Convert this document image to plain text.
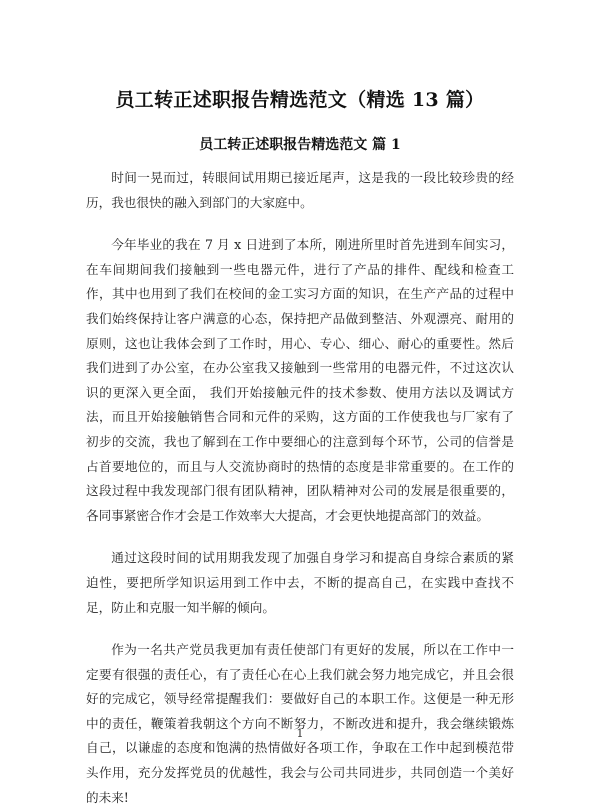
员工转正述职报告精选范文（精选 13 篇）
员工转正述职报告精选范文 篇 1

时间一晃而过，转眼间试用期已接近尾声，这是我的一段比较珍贵的经历，我也很快的融入到部门的大家庭中。

今年毕业的我在 7 月 x 日进到了本所，刚进所里时首先进到车间实习，在车间期间我们接触到一些电器元件，进行了产品的排件、配线和检查工作，其中也用到了我们在校间的金工实习方面的知识，在生产产品的过程中我们始终保持让客户满意的心态，保持把产品做到整洁、外观漂亮、耐用的原则，这也让我体会到了工作时，用心、专心、细心、耐心的重要性。然后我们进到了办公室，在办公室我又接触到一些常用的电器元件，不过这次认识的更深入更全面， 我们开始接触元件的技术参数、使用方法以及调试方法，而且开始接触销售合同和元件的采购，这方面的工作使我也与厂家有了初步的交流，我也了解到在工作中要细心的注意到每个环节，公司的信誉是占首要地位的，而且与人交流协商时的热情的态度是非常重要的。在工作的这段过程中我发现部门很有团队精神，团队精神对公司的发展是很重要的，各同事紧密合作才会是工作效率大大提高，才会更快地提高部门的效益。

通过这段时间的试用期我发现了加强自身学习和提高自身综合素质的紧迫性，要把所学知识运用到工作中去，不断的提高自己，在实践中查找不足，防止和克服一知半解的倾向。

作为一名共产党员我更加有责任使部门有更好的发展，所以在工作中一定要有很强的责任心，有了责任心在心上我们就会努力地完成它，并且会很好的完成它，领导经常提醒我们：要做好自己的本职工作。这便是一种无形中的责任，鞭策着我朝这个方向不断努力，不断改进和提升，我会继续锻炼自己，以谦虚的态度和饱满的热情做好各项工作，争取在工作中起到模范带头作用，充分发挥党员的优越性，我会与公司共同进步，共同创造一个美好的未来!

1
